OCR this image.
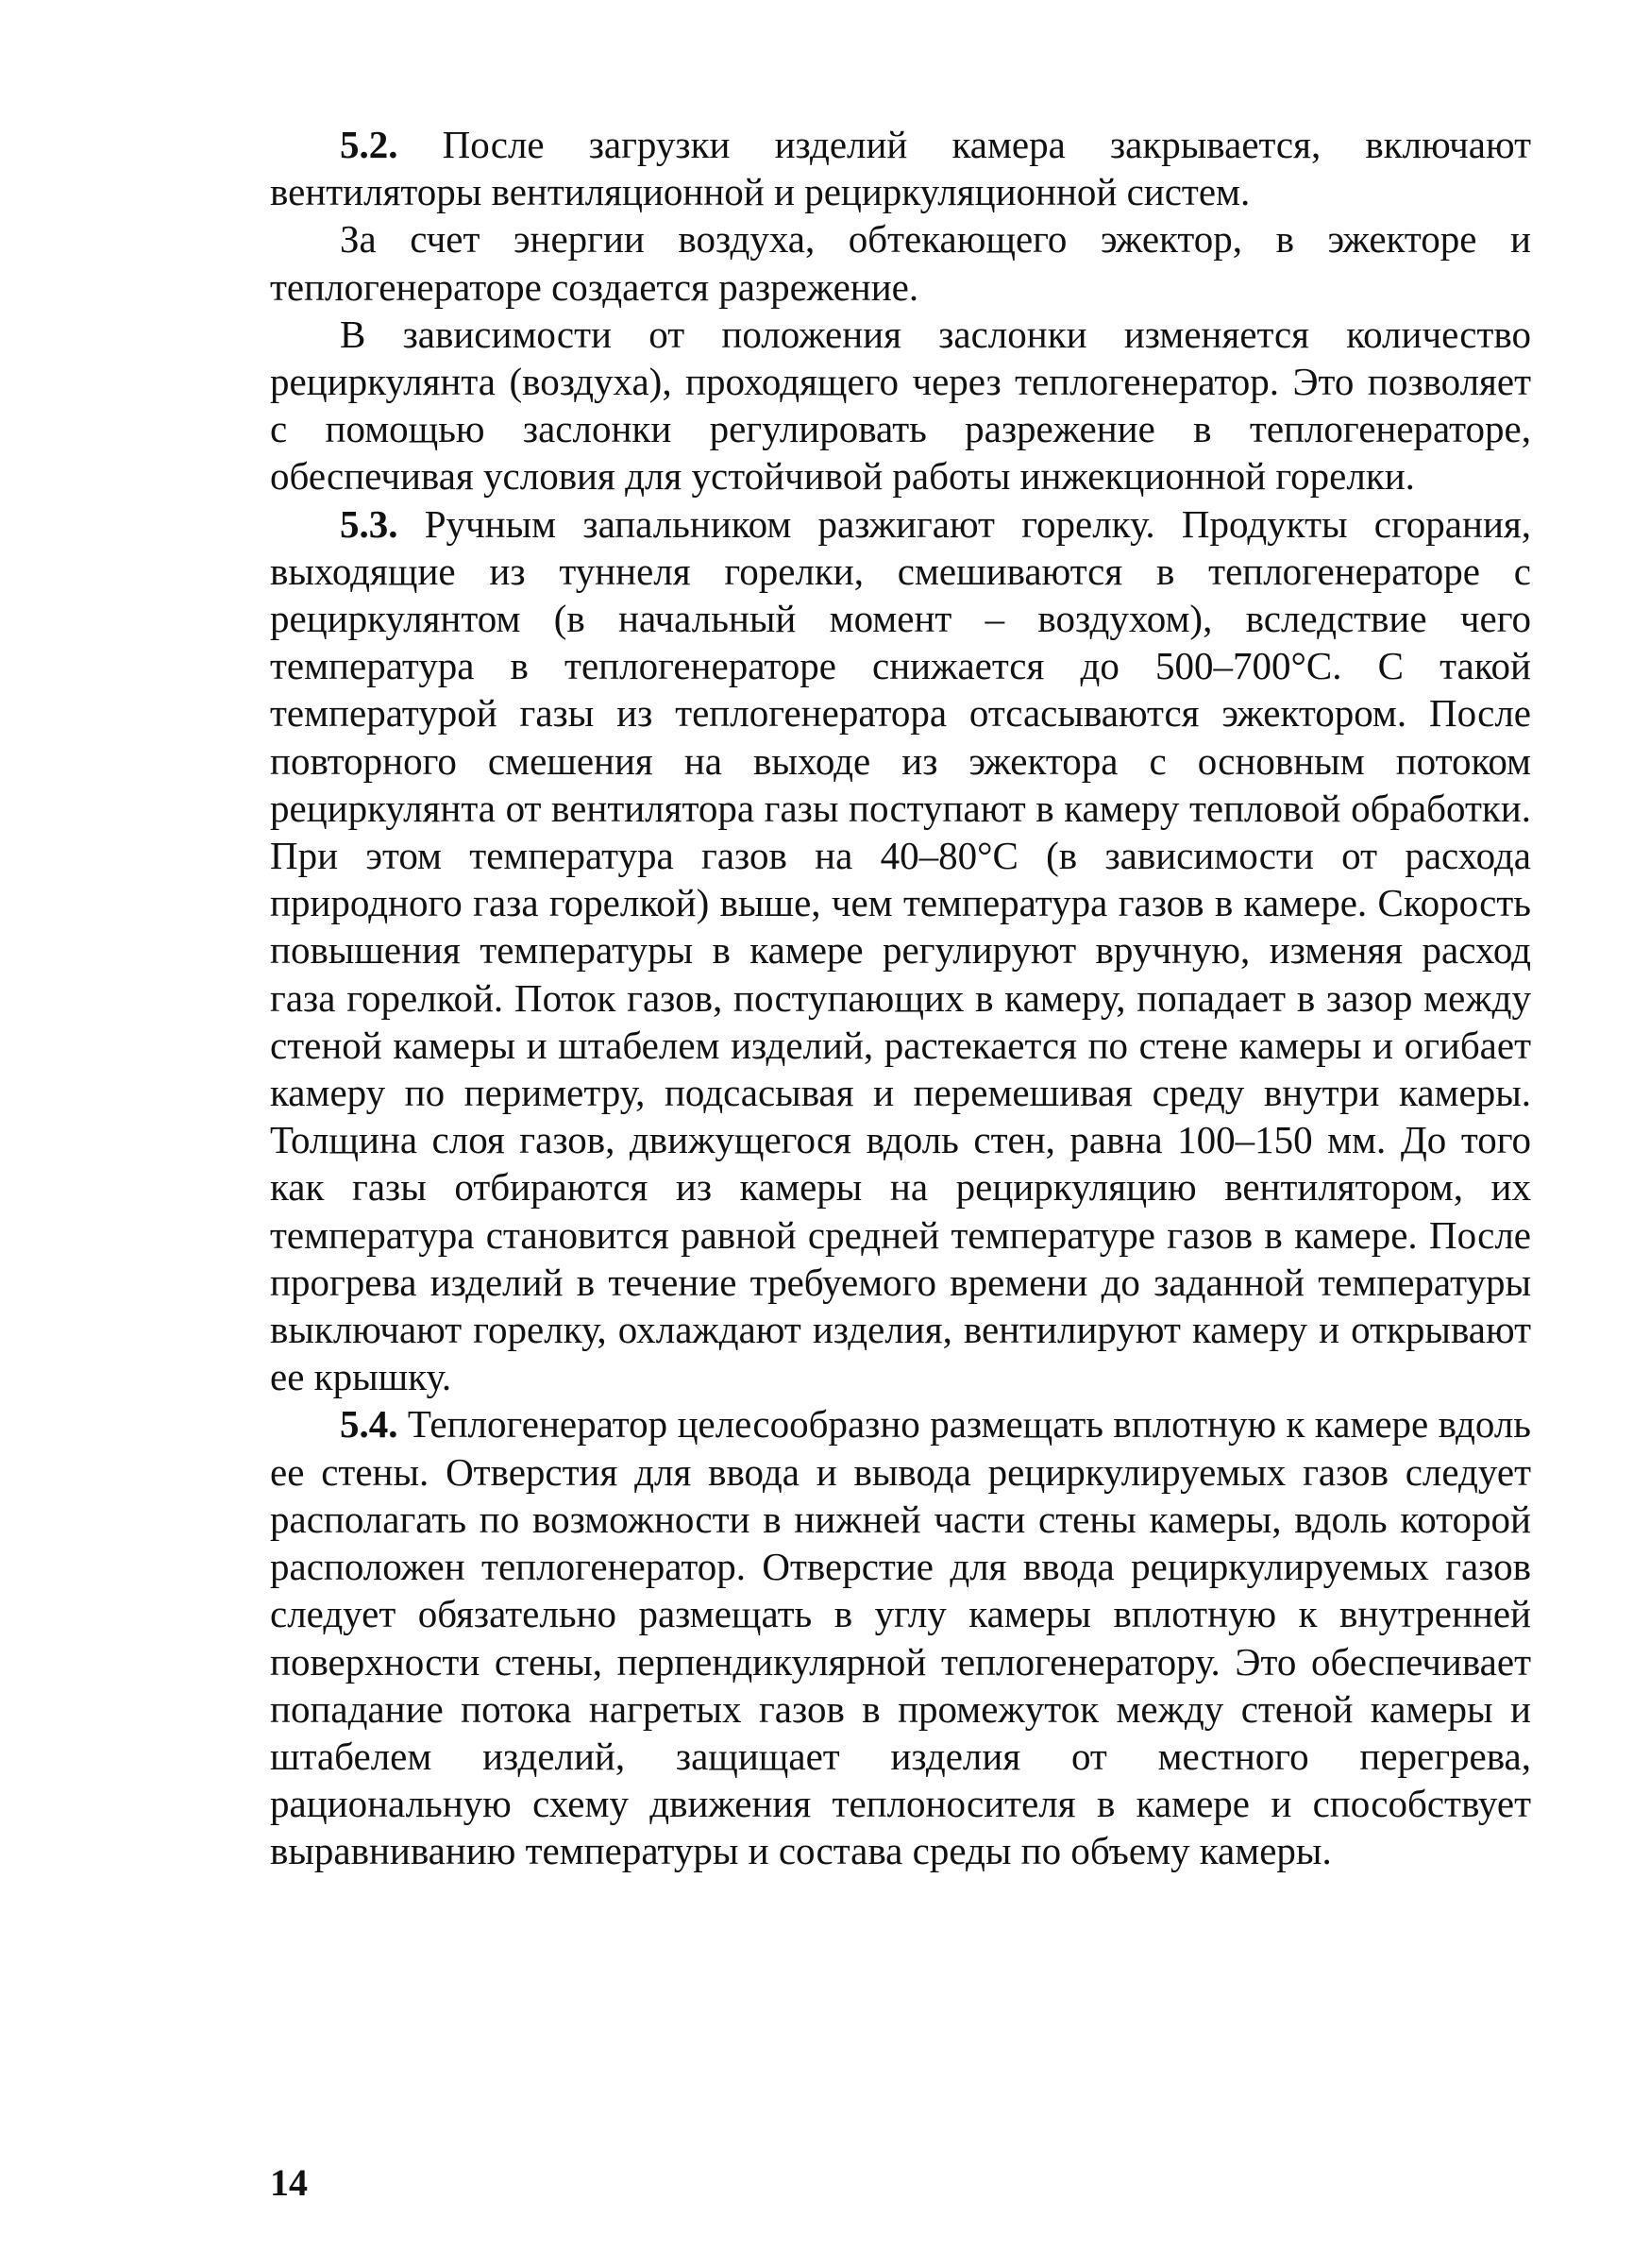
5.2. После загрузки изделий камера закрывается, включают вентиляторы вентиляционной и рециркуляционной систем.

За счет энергии воздуха, обтекающего эжектор, в эжекторе и теплогенераторе создается разрежение.

В зависимости от положения заслонки изменяется количество рециркулянта (воздуха), проходящего через теплогенератор. Это позволяет с помощью заслонки регулировать разрежение в теплогенераторе, обеспечивая условия для устойчивой работы инжекционной горелки.

5.3. Ручным запальником разжигают горелку. Продукты сгорания, выходящие из туннеля горелки, смешиваются в теплогенераторе с рециркулянтом (в начальный момент – воздухом), вследствие чего температура в теплогенераторе снижается до 500–700°С. С такой температурой газы из теплогенератора отсасываются эжектором. После повторного смешения на выходе из эжектора с основным потоком рециркулянта от вентилятора газы поступают в камеру тепловой обработки. При этом температура газов на 40–80°С (в зависимости от расхода природного газа горелкой) выше, чем температура газов в камере. Скорость повышения температуры в камере регулируют вручную, изменяя расход газа горелкой. Поток газов, поступающих в камеру, попадает в зазор между стеной камеры и штабелем изделий, растекается по стене камеры и огибает камеру по периметру, подсасывая и перемешивая среду внутри камеры. Толщина слоя газов, движущегося вдоль стен, равна 100–150 мм. До того как газы отбираются из камеры на рециркуляцию вентилятором, их температура становится равной средней температуре газов в камере. После прогрева изделий в течение требуемого времени до заданной температуры выключают горелку, охлаждают изделия, вентилируют камеру и открывают ее крышку.

5.4. Теплогенератор целесообразно размещать вплотную к камере вдоль ее стены. Отверстия для ввода и вывода рециркулируемых газов следует располагать по возможности в нижней части стены камеры, вдоль которой расположен теплогенератор. Отверстие для ввода рециркулируемых газов следует обязательно размещать в углу камеры вплотную к внутренней поверхности стены, перпендикулярной теплогенератору. Это обеспечивает попадание потока нагретых газов в промежуток между стеной камеры и штабелем изделий, защищает изделия от местного перегрева, рациональную схему движения теплоносителя в камере и способствует выравниванию температуры и состава среды по объему камеры.

14
